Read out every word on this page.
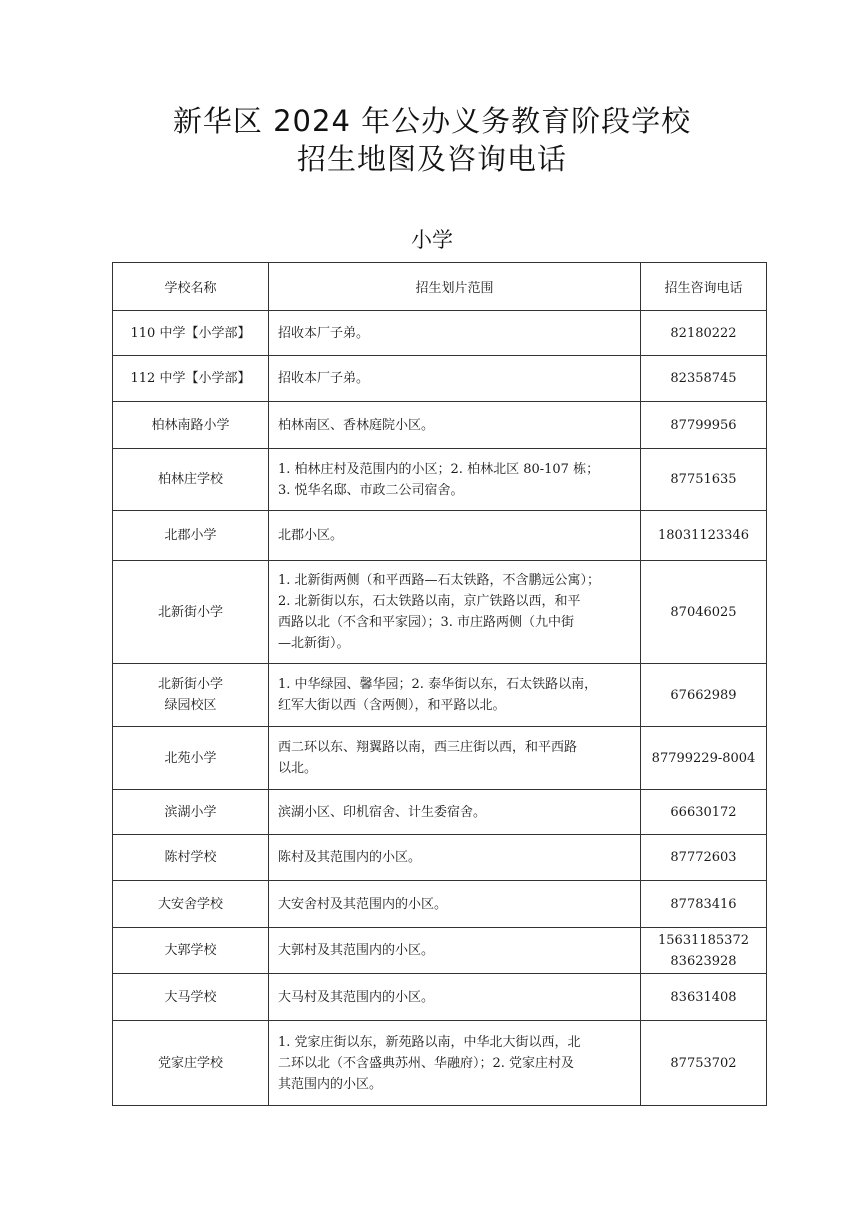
新华区 2024 年公办义务教育阶段学校
招生地图及咨询电话
小学
学校名称	招生划片范围	招生咨询电话

110 中学【小学部】	招收本厂子弟。	82180222

112 中学【小学部】	招收本厂子弟。	82358745

柏林南路小学	柏林南区、香林庭院小区。	87799956

柏林庄学校	1. 柏林庄村及范围内的小区；2. 柏林北区 80-107 栋；
3. 悦华名邸、市政二公司宿舍。	87751635

北郡小学	北郡小区。	18031123346

北新街小学	1. 北新街两侧（和平西路—石太铁路，不含鹏远公寓）；
2. 北新街以东，石太铁路以南，京广铁路以西，和平
西路以北（不含和平家园）；3. 市庄路两侧（九中街
—北新街）。	87046025

北新街小学
绿园校区	1. 中华绿园、馨华园；2. 泰华街以东，石太铁路以南，
红军大街以西（含两侧），和平路以北。	67662989

北苑小学	西二环以东、翔翼路以南，西三庄街以西，和平西路
以北。	87799229-8004

滨湖小学	滨湖小区、印机宿舍、计生委宿舍。	66630172

陈村学校	陈村及其范围内的小区。	87772603

大安舍学校	大安舍村及其范围内的小区。	87783416

大郭学校	大郭村及其范围内的小区。	15631185372
83623928

大马学校	大马村及其范围内的小区。	83631408

党家庄学校	1. 党家庄街以东，新苑路以南，中华北大街以西，北
二环以北（不含盛典苏州、华融府）；2. 党家庄村及
其范围内的小区。	87753702
